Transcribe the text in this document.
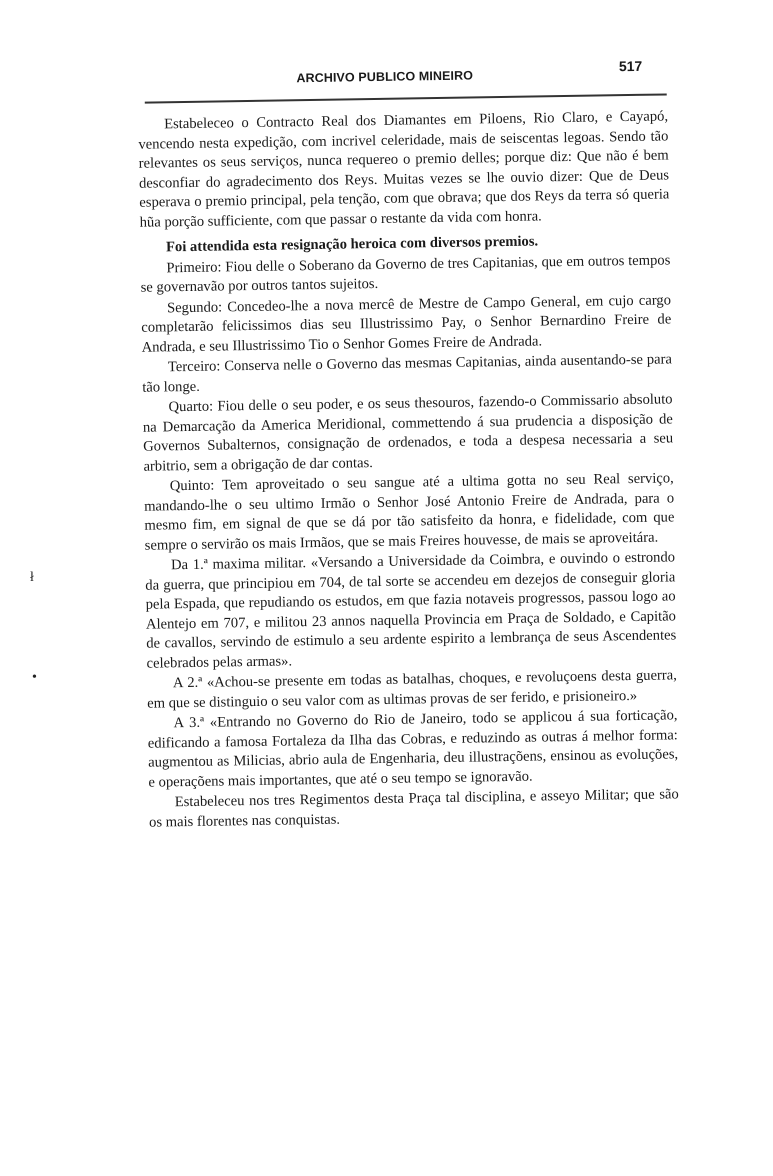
ARCHIVO PUBLICO MINEIRO
517

Estabeleceo o Contracto Real dos Diamantes em Piloens, Rio Claro, e Cayapó, vencendo nesta expedição, com incrivel celeridade, mais de seiscentas legoas. Sendo tão relevantes os seus serviços, nunca requereo o premio delles; porque diz: Que não é bem desconfiar do agradecimento dos Reys. Muitas vezes se lhe ouvio dizer: Que de Deus esperava o premio principal, pela tenção, com que obrava; que dos Reys da terra só queria hũa porção sufficiente, com que passar o restante da vida com honra.

Foi attendida esta resignação heroica com diversos premios.

Primeiro: Fiou delle o Soberano da Governo de tres Capitanias, que em outros tempos se governavão por outros tantos sujeitos.

Segundo: Concedeo-lhe a nova mercê de Mestre de Campo General, em cujo cargo completarão felicissimos dias seu Illustrissimo Pay, o Senhor Bernardino Freire de Andrada, e seu Illustrissimo Tio o Senhor Gomes Freire de Andrada.

Terceiro: Conserva nelle o Governo das mesmas Capitanias, ainda ausentando-se para tão longe.

Quarto: Fiou delle o seu poder, e os seus thesouros, fazendo-o Commissario absoluto na Demarcação da America Meridional, commettendo á sua prudencia a disposição de Governos Subalternos, consignação de ordenados, e toda a despesa necessaria a seu arbitrio, sem a obrigação de dar contas.

Quinto: Tem aproveitado o seu sangue até a ultima gotta no seu Real serviço, mandando-lhe o seu ultimo Irmão o Senhor José Antonio Freire de Andrada, para o mesmo fim, em signal de que se dá por tão satisfeito da honra, e fidelidade, com que sempre o servirão os mais Irmãos, que se mais Freires houvesse, de mais se aproveitára.

Da 1.ª maxima militar. «Versando a Universidade da Coimbra, e ouvindo o estrondo da guerra, que principiou em 704, de tal sorte se accendeu em dezejos de conseguir gloria pela Espada, que repudiando os estudos, em que fazia notaveis progressos, passou logo ao Alentejo em 707, e militou 23 annos naquella Provincia em Praça de Soldado, e Capitão de cavallos, servindo de estimulo a seu ardente espirito a lembrança de seus Ascendentes celebrados pelas armas».

A 2.ª «Achou-se presente em todas as batalhas, choques, e revoluçoens desta guerra, em que se distinguio o seu valor com as ultimas provas de ser ferido, e prisioneiro.»

A 3.ª «Entrando no Governo do Rio de Janeiro, todo se applicou á sua forticação, edificando a famosa Fortaleza da Ilha das Cobras, e reduzindo as outras á melhor forma: augmentou as Milicias, abrio aula de Engenharia, deu illustraçõens, ensinou as evoluções, e operaçõens mais importantes, que até o seu tempo se ignoravão.

Estabeleceu nos tres Regimentos desta Praça tal disciplina, e asseyo Militar; que são os mais florentes nas conquistas.

ł
•
